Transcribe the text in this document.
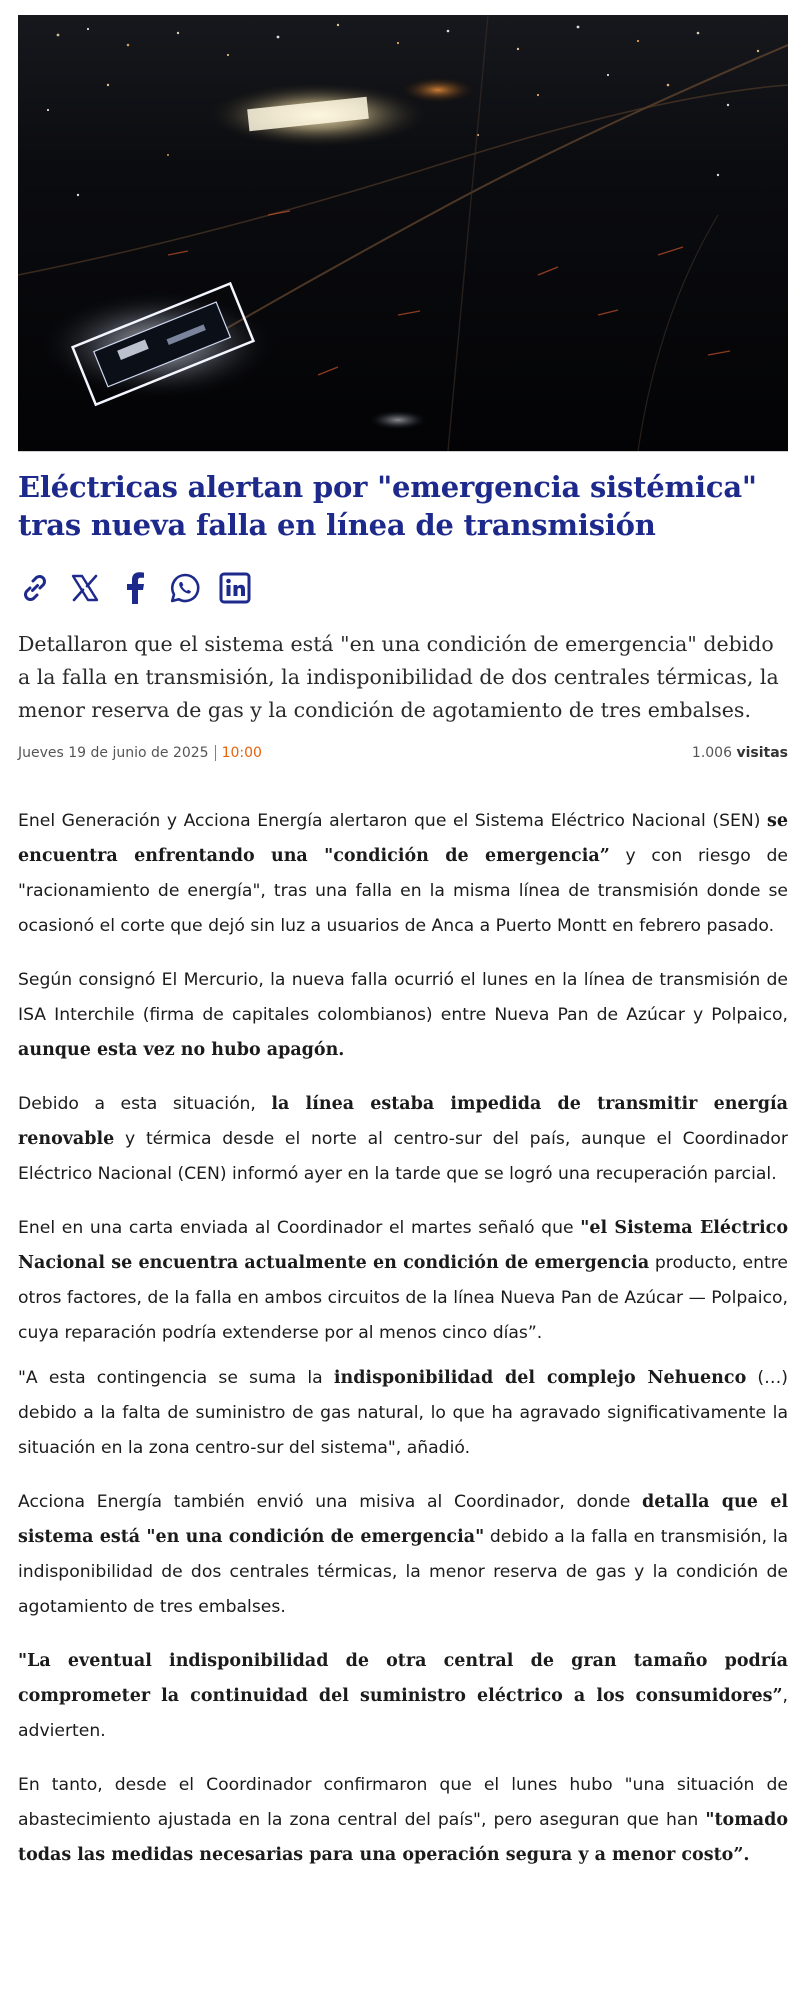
Eléctricas alertan por "emergencia sistémica" tras nueva falla en línea de transmisión
Detallaron que el sistema está "en una condición de emergencia" debido a la falla en transmisión, la indisponibilidad de dos centrales térmicas, la menor reserva de gas y la condición de agotamiento de tres embalses.
Jueves 19 de junio de 2025 10:00	1.006 visitas

Enel Generación y Acciona Energía alertaron que el Sistema Eléctrico Nacional (SEN) se encuentra enfrentando una "condición de emergencia” y con riesgo de "racionamiento de energía", tras una falla en la misma línea de transmisión donde se ocasionó el corte que dejó sin luz a usuarios de Anca a Puerto Montt en febrero pasado.

Según consignó El Mercurio, la nueva falla ocurrió el lunes en la línea de transmisión de ISA Interchile (firma de capitales colombianos) entre Nueva Pan de Azúcar y Polpaico, aunque esta vez no hubo apagón.

Debido a esta situación, la línea estaba impedida de transmitir energía renovable y térmica desde el norte al centro-sur del país, aunque el Coordinador Eléctrico Nacional (CEN) informó ayer en la tarde que se logró una recuperación parcial.

Enel en una carta enviada al Coordinador el martes señaló que "el Sistema Eléctrico Nacional se encuentra actualmente en condición de emergencia producto, entre otros factores, de la falla en ambos circuitos de la línea Nueva Pan de Azúcar — Polpaico, cuya reparación podría extenderse por al menos cinco días”.

"A esta contingencia se suma la indisponibilidad del complejo Nehuenco (…) debido a la falta de suministro de gas natural, lo que ha agravado significativamente la situación en la zona centro-sur del sistema", añadió.

Acciona Energía también envió una misiva al Coordinador, donde detalla que el sistema está "en una condición de emergencia" debido a la falla en transmisión, la indisponibilidad de dos centrales térmicas, la menor reserva de gas y la condición de agotamiento de tres embalses.

"La eventual indisponibilidad de otra central de gran tamaño podría comprometer la continuidad del suministro eléctrico a los consumidores”, advierten.

En tanto, desde el Coordinador confirmaron que el lunes hubo "una situación de abastecimiento ajustada en la zona central del país", pero aseguran que han "tomado todas las medidas necesarias para una operación segura y a menor costo”.
